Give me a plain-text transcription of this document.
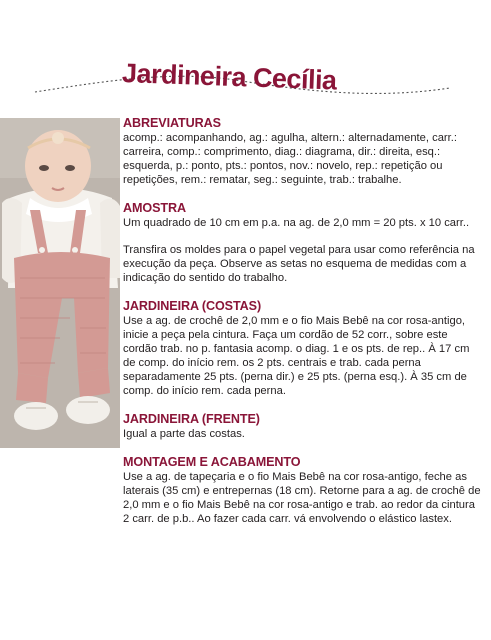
Jardineira Cecília
ABREVIATURAS

acomp.: acompanhando, ag.: agulha, altern.: alternadamente, carr.: carreira, comp.: comprimento, diag.: diagrama, dir.: direita, esq.: esquerda, p.: ponto, pts.: pontos, nov.: novelo, rep.: repetição ou repetições, rem.: rematar, seg.: seguinte, trab.: trabalhe.

AMOSTRA

Um quadrado de 10 cm em p.a. na ag. de 2,0 mm = 20 pts. x 10 carr..

Transfira os moldes para o papel vegetal para usar como referência na execução da peça. Observe as setas no esquema de medidas com a indicação do sentido do trabalho.

JARDINEIRA (COSTAS)

Use a ag. de crochê de 2,0 mm e o fio Mais Bebê na cor rosa-antigo, inicie a peça pela cintura. Faça um cordão de 52 corr., sobre este cordão trab. no p. fantasia acomp. o diag. 1 e os pts. de rep.. À 17 cm de comp. do início rem. os 2 pts. centrais e trab. cada perna separadamente 25 pts. (perna dir.) e 25 pts. (perna esq.). À 35 cm de comp. do início rem. cada perna.

JARDINEIRA (FRENTE)

Igual a parte das costas.

MONTAGEM E ACABAMENTO

Use a ag. de tapeçaria e o fio Mais Bebê na cor rosa-antigo, feche as laterais (35 cm) e entrepernas (18 cm). Retorne para a ag. de crochê de 2,0 mm e o fio Mais Bebê na cor rosa-antigo e trab. ao redor da cintura 2 carr. de p.b.. Ao fazer cada carr. vá envolvendo o elástico lastex.
